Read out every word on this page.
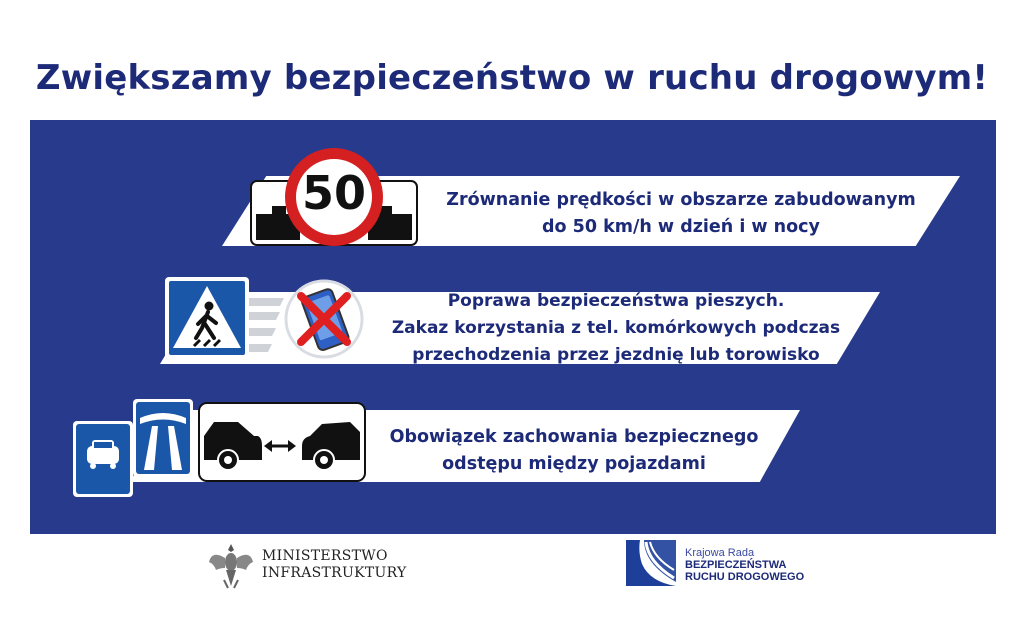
Zwiększamy bezpieczeństwo w ruchu drogowym!
50	Zrównanie prędkości w obszarze zabudowanym
do 50 km/h w dzień i w nocy
Poprawa bezpieczeństwa pieszych.
Zakaz korzystania z tel. komórkowych podczas
przechodzenia przez jezdnię lub torowisko
Obowiązek zachowania bezpiecznego
odstępu między pojazdami
MINISTERSTWO
INFRASTRUKTURY
Krajowa Rada
BEZPIECZEŃSTWA
RUCHU DROGOWEGO
